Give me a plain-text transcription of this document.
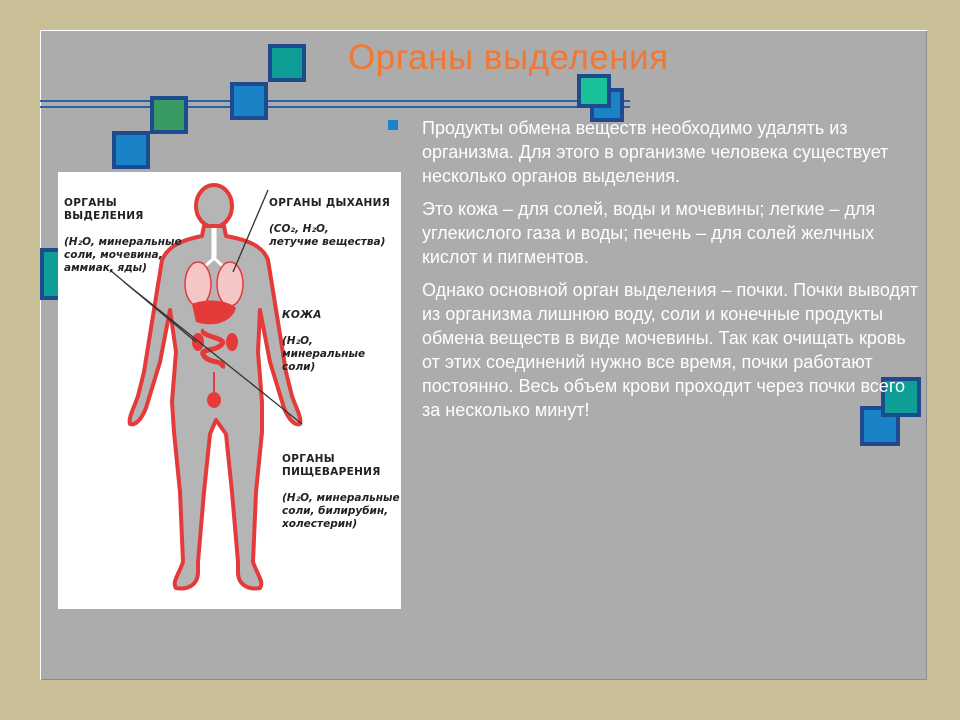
Органы выделения

Продукты обмена веществ необходимо удалять из организма. Для этого в организме человека существует несколько органов выделения.

Это кожа – для солей, воды и мочевины; легкие – для углекислого газа и воды; печень – для солей желчных кислот и пигментов.

Однако основной орган выделения – почки. Почки выводят из организма лишнюю воду, соли и конечные продукты обмена веществ в виде мочевины. Так как очищать кровь от этих соединений нужно все время, почки работают постоянно. Весь объем крови проходит через почки всего за несколько минут!

ОРГАНЫ
ВЫДЕЛЕНИЯ

(H₂O, минеральные
соли, мочевина,
аммиак, яды)

ОРГАНЫ ДЫХАНИЯ

(CO₂, H₂O,
летучие вещества)

КОЖА

(H₂O,
минеральные соли)

ОРГАНЫ
ПИЩЕВАРЕНИЯ

(H₂O, минеральные
соли, билирубин,
холестерин)
